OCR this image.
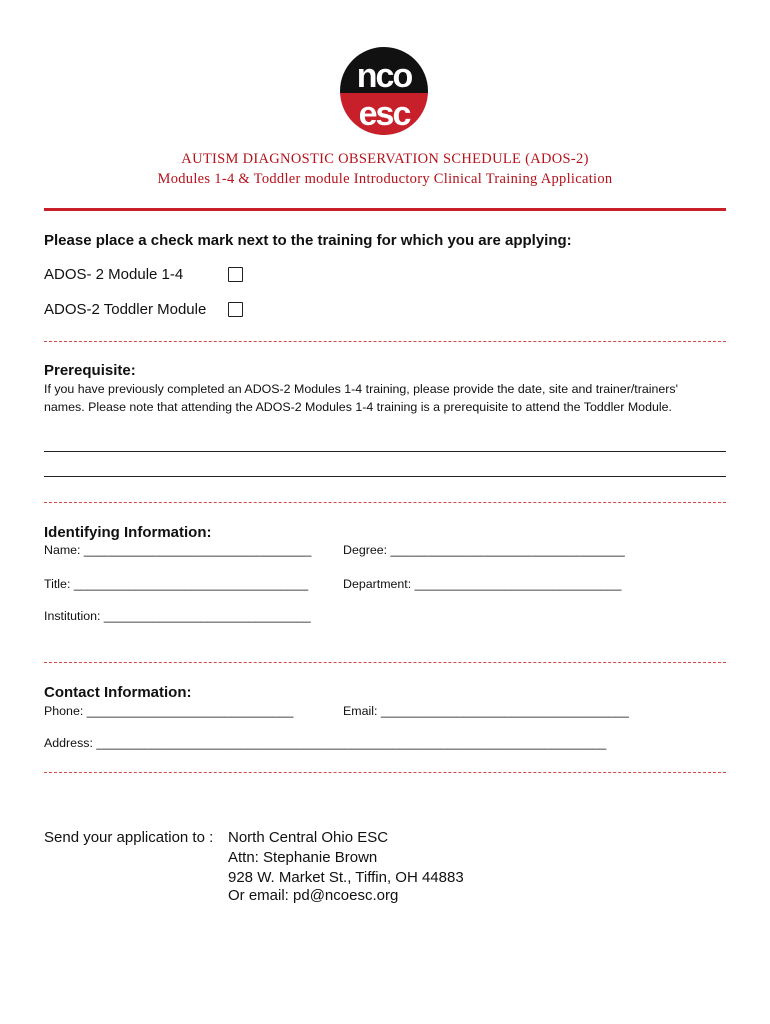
nco
esc
AUTISM DIAGNOSTIC OBSERVATION SCHEDULE (ADOS-2)
Modules 1-4 & Toddler module Introductory Clinical Training Application
Please place a check mark next to the training for which you are applying:
ADOS- 2 Module 1-4
ADOS-2 Toddler Module
Prerequisite:
If you have previously completed an ADOS-2 Modules 1-4 training, please provide the date, site and trainer/trainers'
names. Please note that attending the ADOS-2 Modules 1-4 training is a prerequisite to attend the Toddler Module.
Identifying Information:
Name: _________________________________	Degree: __________________________________
Title: __________________________________	Department: ______________________________
Institution: ______________________________
Contact Information:
Phone: ______________________________	Email: ____________________________________
Address: __________________________________________________________________________
Send your application to : North Central Ohio ESC
Attn: Stephanie Brown
928 W. Market St., Tiffin, OH 44883
Or email: pd@ncoesc.org
